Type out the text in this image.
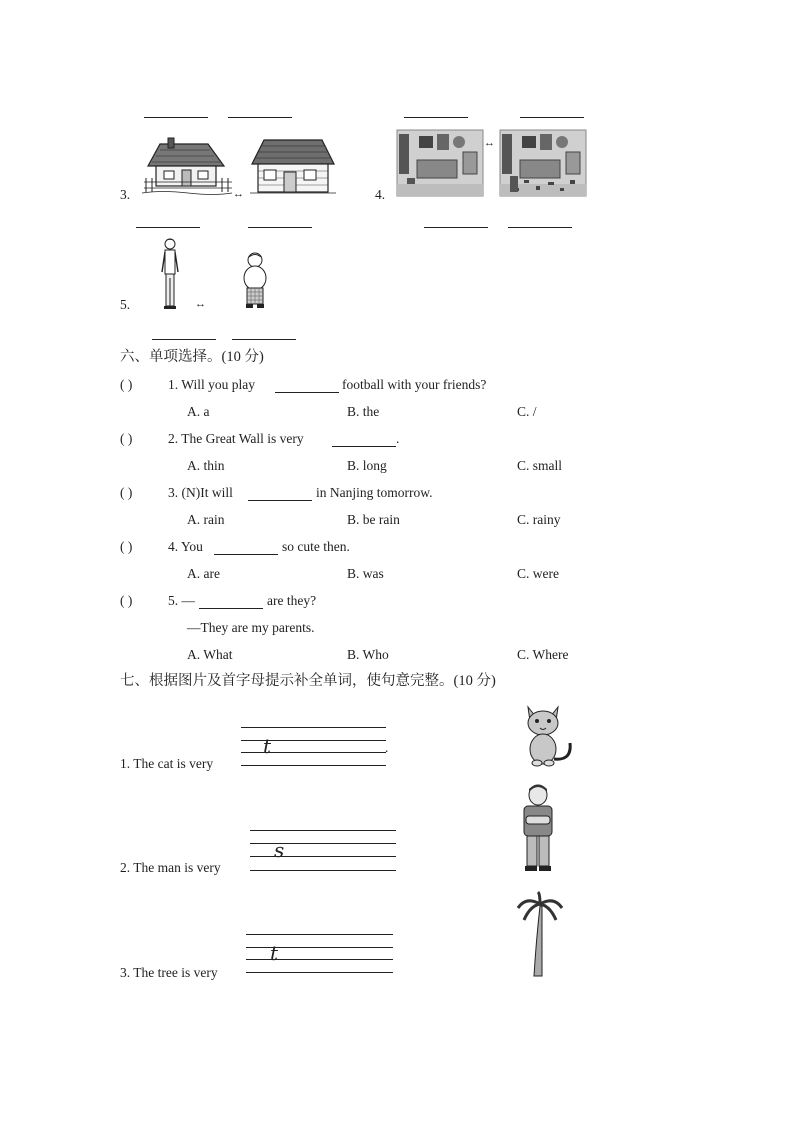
3.	↔	4.
↔
5.	↔
六、单项选择。(10 分)
( )	1. Will you play	football with your friends?
A. a	B. the	C. /
( )	2. The Great Wall is very	.
A. thin	B. long	C. small
( )	3. (N)It will	in Nanjing tomorrow.
A. rain	B. be rain	C. rainy
( )	4. You	so cute then.
A. are	B. was	C. were
( )	5. —	are they?
—They are my parents.
A. What	B. Who	C. Where
七、根据图片及首字母提示补全单词，使句意完整。(10 分)
1. The cat is very
t	.
2. The man is very
s
3. The tree is very
t
